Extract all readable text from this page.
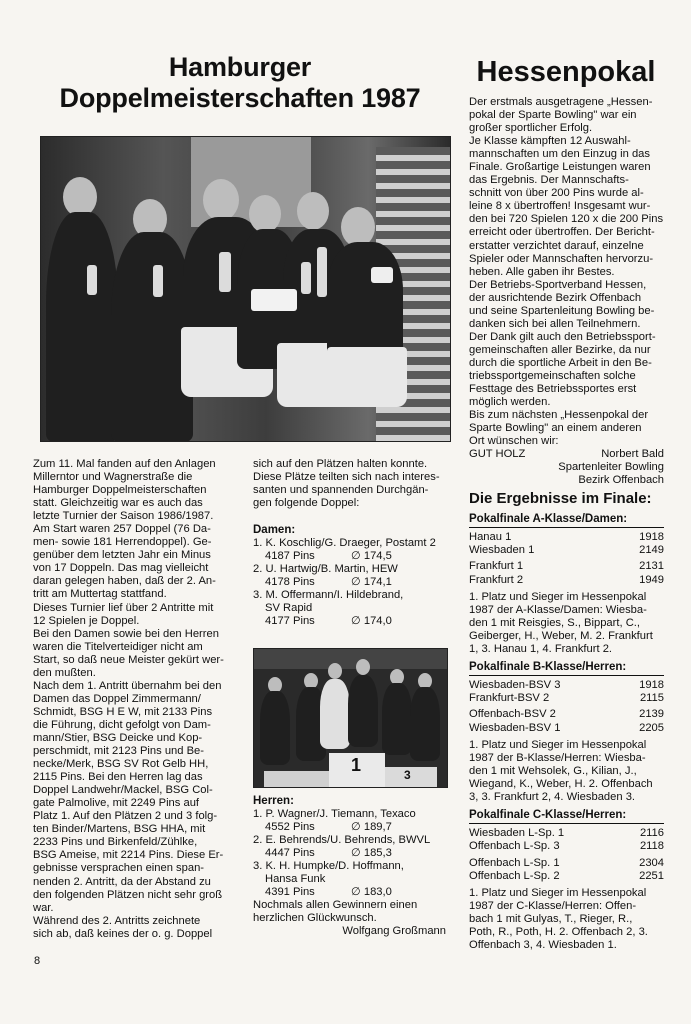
Hamburger
Doppelmeisterschaften 1987
Hessenpokal
Zum 11. Mal fanden auf den Anlagen
Millerntor und Wagnerstraße die
Hamburger Doppelmeisterschaften
statt. Gleichzeitig war es auch das
letzte Turnier der Saison 1986/1987.
Am Start waren 257 Doppel (76 Da-
men- sowie 181 Herrendoppel). Ge-
genüber dem letzten Jahr ein Minus
von 17 Doppeln. Das mag vielleicht
daran gelegen haben, daß der 2. An-
tritt am Muttertag stattfand.
Dieses Turnier lief über 2 Antritte mit
12 Spielen je Doppel.
Bei den Damen sowie bei den Herren
waren die Titelverteidiger nicht am
Start, so daß neue Meister gekürt wer-
den mußten.
Nach dem 1. Antritt übernahm bei den
Damen das Doppel Zimmermann/
Schmidt, BSG H E W, mit 2133 Pins
die Führung, dicht gefolgt von Dam-
mann/Stier, BSG Deicke und Kop-
perschmidt, mit 2123 Pins und Be-
necke/Merk, BSG SV Rot Gelb HH,
2115 Pins. Bei den Herren lag das
Doppel Landwehr/Mackel, BSG Col-
gate Palmolive, mit 2249 Pins auf
Platz 1. Auf den Plätzen 2 und 3 folg-
ten Binder/Martens, BSG HHA, mit
2233 Pins und Birkenfeld/Zühlke,
BSG Ameise, mit 2214 Pins. Diese Er-
gebnisse versprachen einen span-
nenden 2. Antritt, da der Abstand zu
den folgenden Plätzen nicht sehr groß
war.
Während des 2. Antritts zeichnete
sich ab, daß keines der o. g. Doppel
sich auf den Plätzen halten konnte.
Diese Plätze teilten sich nach interes-
santen und spannenden Durchgän-
gen folgende Doppel:
Damen:
1. K. Koschlig/G. Draeger, Postamt 2
4187 Pins	∅ 174,5
2. U. Hartwig/B. Martin, HEW
4178 Pins	∅ 174,1
3. M. Offermann/I. Hildebrand,
SV Rapid
4177 Pins	∅ 174,0
1	3
Herren:
1. P. Wagner/J. Tiemann, Texaco
4552 Pins	∅ 189,7
2. E. Behrends/U. Behrends, BWVL
4447 Pins	∅ 185,3
3. K. H. Humpke/D. Hoffmann,
Hansa Funk
4391 Pins	∅ 183,0
Nochmals allen Gewinnern einen
herzlichen Glückwunsch.
Wolfgang Großmann
Der erstmals ausgetragene „Hessen-
pokal der Sparte Bowling" war ein
großer sportlicher Erfolg.
Je Klasse kämpften 12 Auswahl-
mannschaften um den Einzug in das
Finale. Großartige Leistungen waren
das Ergebnis. Der Mannschafts-
schnitt von über 200 Pins wurde al-
leine 8 x übertroffen! Insgesamt wur-
den bei 720 Spielen 120 x die 200 Pins
erreicht oder übertroffen. Der Bericht-
erstatter verzichtet darauf, einzelne
Spieler oder Mannschaften hervorzu-
heben. Alle gaben ihr Bestes.
Der Betriebs-Sportverband Hessen,
der ausrichtende Bezirk Offenbach
und seine Spartenleitung Bowling be-
danken sich bei allen Teilnehmern.
Der Dank gilt auch den Betriebssport-
gemeinschaften aller Bezirke, da nur
durch die sportliche Arbeit in den Be-
triebssportgemeinschaften solche
Festtage des Betriebssportes erst
möglich werden.
Bis zum nächsten „Hessenpokal der
Sparte Bowling" an einem anderen
Ort wünschen wir:
GUT HOLZ	Norbert Bald
Spartenleiter Bowling
Bezirk Offenbach
Die Ergebnisse im Finale:
Pokalfinale A-Klasse/Damen:
Hanau 1	1918
Wiesbaden 1	2149
Frankfurt 1	2131
Frankfurt 2	1949
1. Platz und Sieger im Hessenpokal
1987 der A-Klasse/Damen: Wiesba-
den 1 mit Reisgies, S., Bippart, C.,
Geiberger, H., Weber, M. 2. Frankfurt
1, 3. Hanau 1, 4. Frankfurt 2.
Pokalfinale B-Klasse/Herren:
Wiesbaden-BSV 3	1918
Frankfurt-BSV 2	2115
Offenbach-BSV 2	2139
Wiesbaden-BSV 1	2205
1. Platz und Sieger im Hessenpokal
1987 der B-Klasse/Herren: Wiesba-
den 1 mit Wehsolek, G., Kilian, J.,
Wiegand, K., Weber, H. 2. Offenbach
3, 3. Frankfurt 2, 4. Wiesbaden 3.
Pokalfinale C-Klasse/Herren:
Wiesbaden L-Sp. 1	2116
Offenbach L-Sp. 3	2118
Offenbach L-Sp. 1	2304
Offenbach L-Sp. 2	2251
1. Platz und Sieger im Hessenpokal
1987 der C-Klasse/Herren: Offen-
bach 1 mit Gulyas, T., Rieger, R.,
Poth, R., Poth, H. 2. Offenbach 2, 3.
Offenbach 3, 4. Wiesbaden 1.
8
